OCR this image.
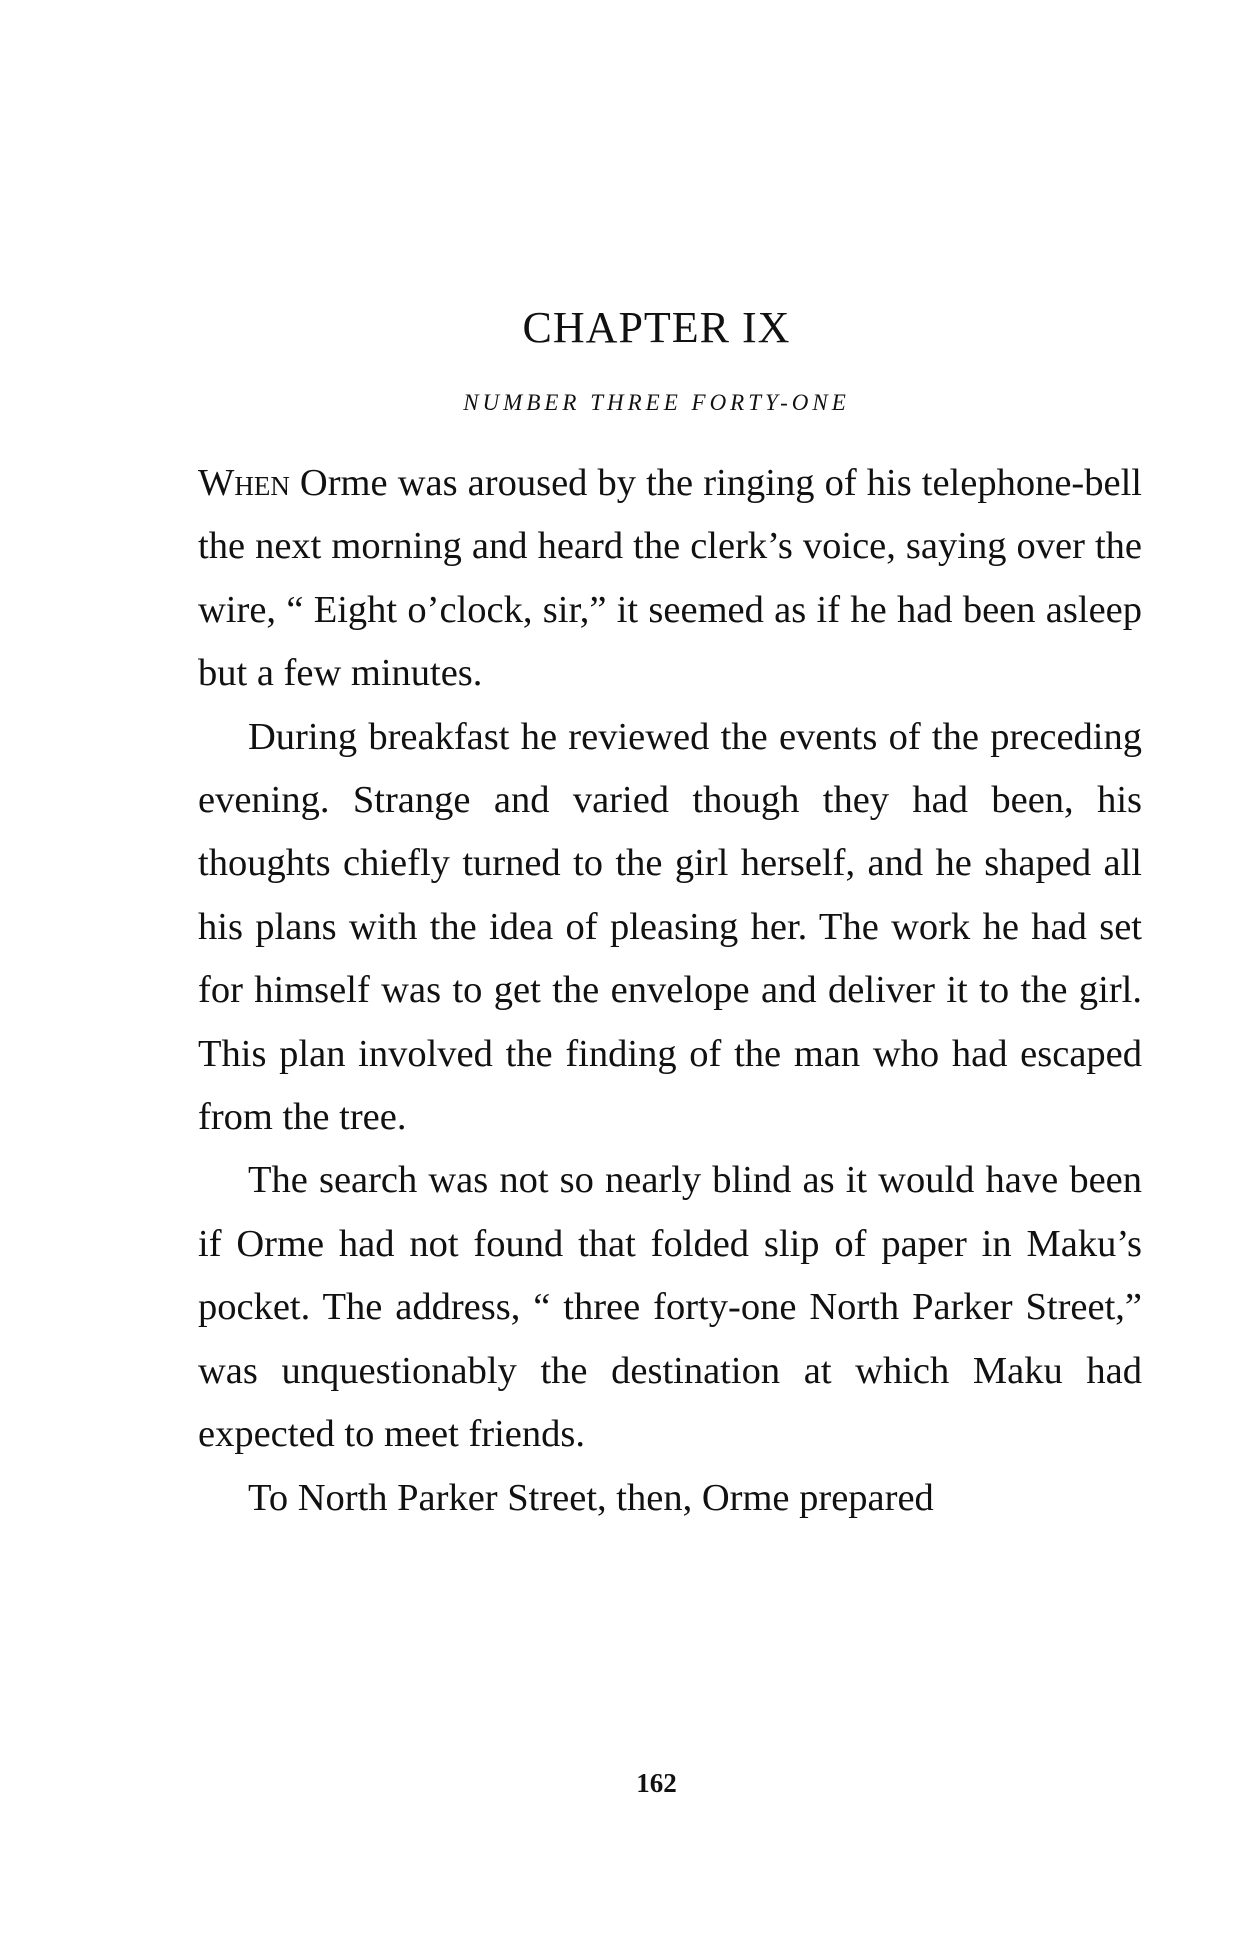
CHAPTER IX
NUMBER THREE FORTY-ONE

When Orme was aroused by the ringing of his telephone-bell the next morning and heard the clerk’s voice, saying over the wire, “ Eight o’clock, sir,” it seemed as if he had been asleep but a few minutes.

During breakfast he reviewed the events of the preceding evening. Strange and varied though they had been, his thoughts chiefly turned to the girl herself, and he shaped all his plans with the idea of pleasing her. The work he had set for himself was to get the envelope and deliver it to the girl. This plan involved the finding of the man who had escaped from the tree.

The search was not so nearly blind as it would have been if Orme had not found that folded slip of paper in Maku’s pocket. The address, “ three forty-one North Parker Street,” was unquestionably the destination at which Maku had expected to meet friends.

To North Parker Street, then, Orme prepared

162
